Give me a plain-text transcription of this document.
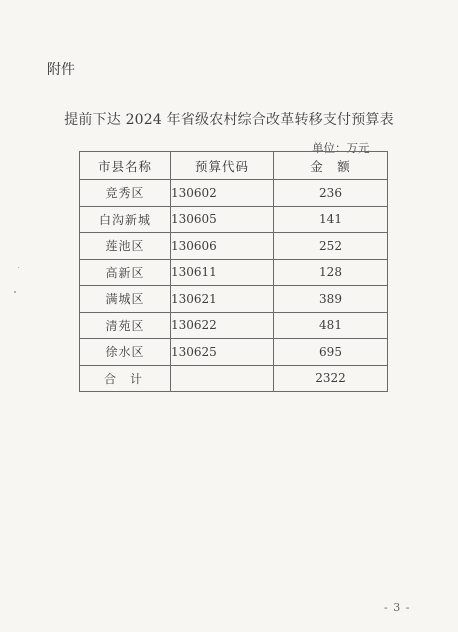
附件
提前下达 2024 年省级农村综合改革转移支付预算表
单位：万元
市县名称	预算代码	金　额
竞秀区	130602	236
白沟新城	130605	141
莲池区	130606	252
高新区	130611	128
满城区	130621	389
清苑区	130622	481
徐水区	130625	695
合计		2322
- 3 -
